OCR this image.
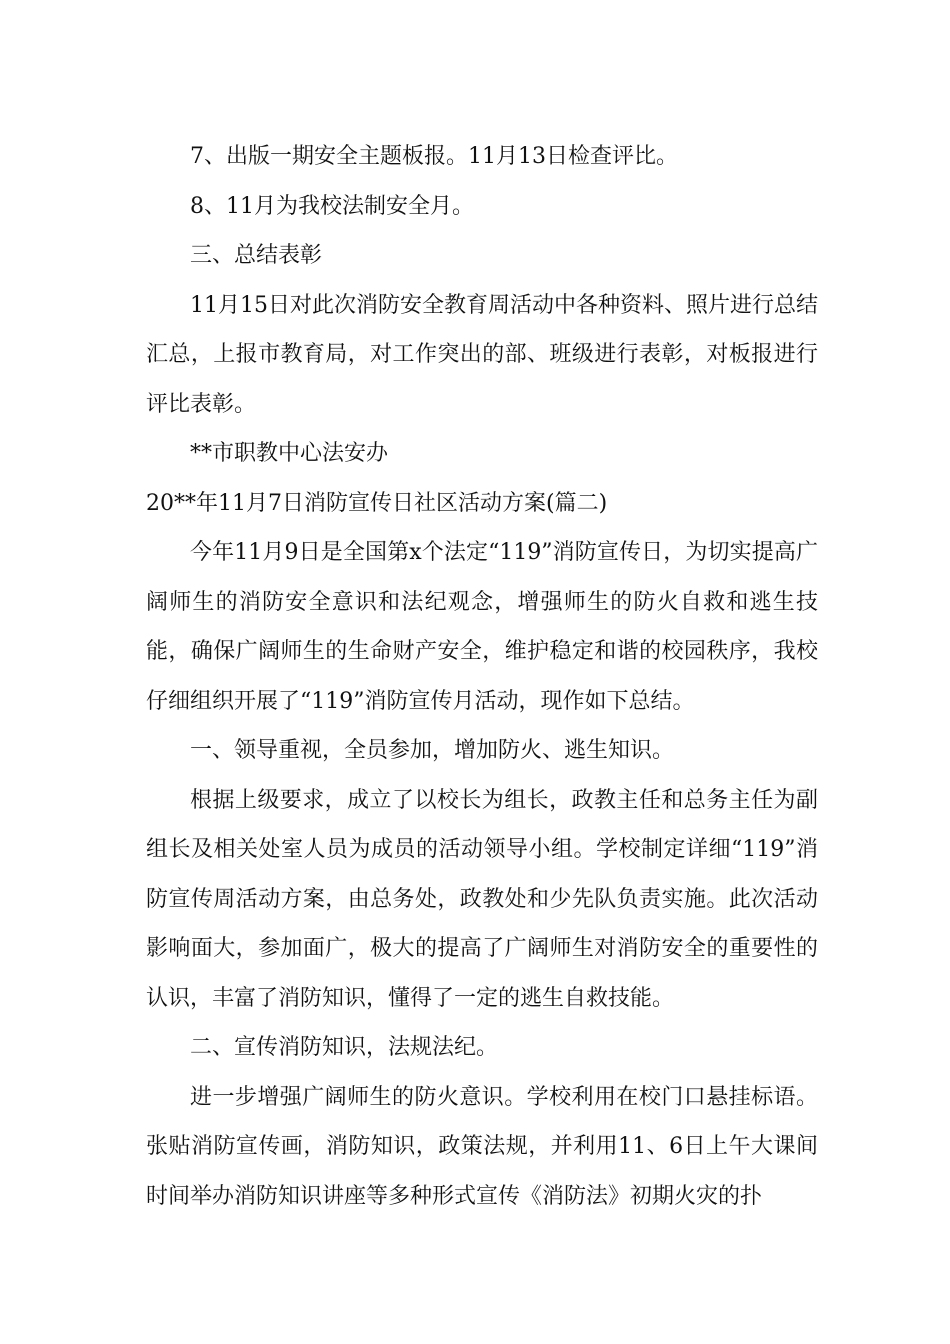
7、出版一期安全主题板报。11月13日检查评比。

8、11月为我校法制安全月。

三、总结表彰

11月15日对此次消防安全教育周活动中各种资料、照片进行总结汇总，上报市教育局，对工作突出的部、班级进行表彰，对板报进行评比表彰。

**市职教中心法安办

20**年11月7日消防宣传日社区活动方案(篇二)

今年11月9日是全国第x个法定“119”消防宣传日，为切实提高广阔师生的消防安全意识和法纪观念，增强师生的防火自救和逃生技能，确保广阔师生的生命财产安全，维护稳定和谐的校园秩序，我校仔细组织开展了“119”消防宣传月活动，现作如下总结。

一、领导重视，全员参加，增加防火、逃生知识。

根据上级要求，成立了以校长为组长，政教主任和总务主任为副组长及相关处室人员为成员的活动领导小组。学校制定详细“119”消防宣传周活动方案，由总务处，政教处和少先队负责实施。此次活动影响面大，参加面广，极大的提高了广阔师生对消防安全的重要性的认识，丰富了消防知识，懂得了一定的逃生自救技能。

二、宣传消防知识，法规法纪。

进一步增强广阔师生的防火意识。学校利用在校门口悬挂标语。张贴消防宣传画，消防知识，政策法规，并利用11、6日上午大课间时间举办消防知识讲座等多种形式宣传《消防法》初期火灾的扑
